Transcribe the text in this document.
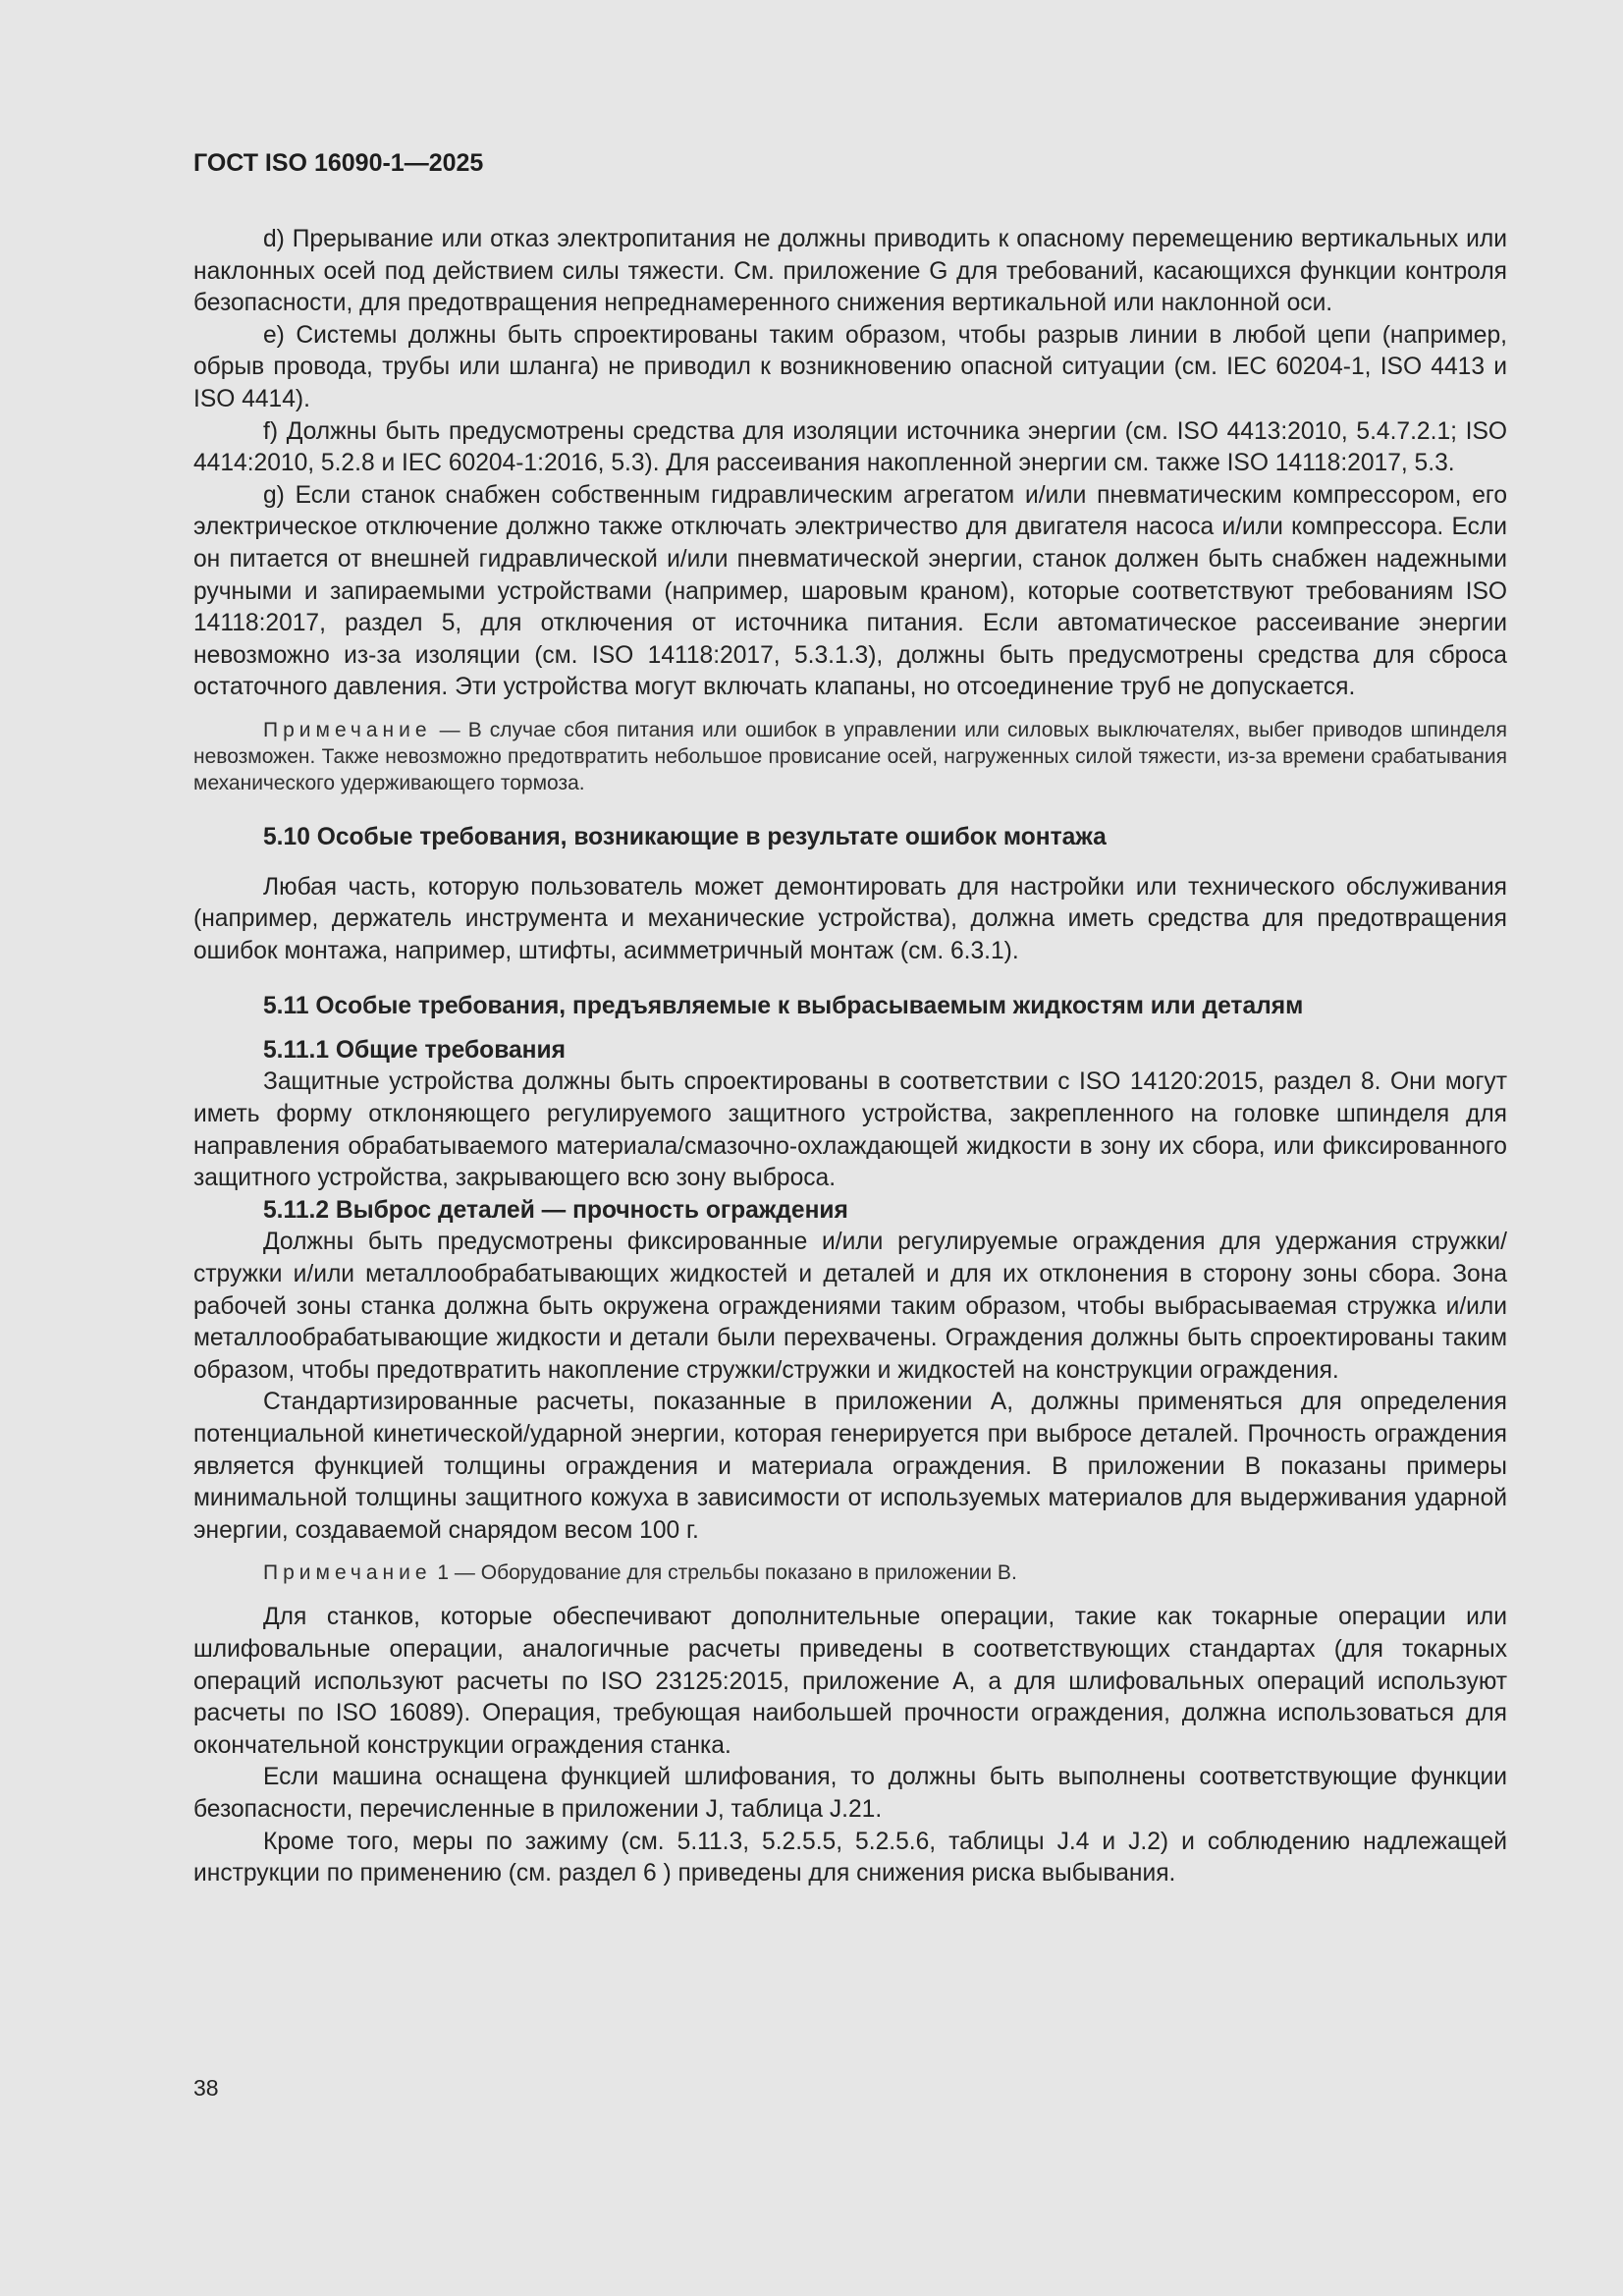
ГОСТ ISO 16090-1—2025

d) Прерывание или отказ электропитания не должны приводить к опасному перемещению вертикальных или наклонных осей под действием силы тяжести. См. приложение G для требований, касающихся функции контроля безопасности, для предотвращения непреднамеренного снижения вертикальной или наклонной оси.

e) Системы должны быть спроектированы таким образом, чтобы разрыв линии в любой цепи (например, обрыв провода, трубы или шланга) не приводил к возникновению опасной ситуации (см. IEC 60204-1, ISO 4413 и ISO 4414).

f) Должны быть предусмотрены средства для изоляции источника энергии (см. ISO 4413:2010, 5.4.7.2.1; ISO 4414:2010, 5.2.8 и IEC 60204-1:2016, 5.3). Для рассеивания накопленной энергии см. также ISO 14118:2017, 5.3.

g) Если станок снабжен собственным гидравлическим агрегатом и/или пневматическим компрессором, его электрическое отключение должно также отключать электричество для двигателя насоса и/или компрессора. Если он питается от внешней гидравлической и/или пневматической энергии, станок должен быть снабжен надежными ручными и запираемыми устройствами (например, шаровым краном), которые соответствуют требованиям ISO 14118:2017, раздел 5, для отключения от источника питания. Если автоматическое рассеивание энергии невозможно из-за изоляции (см. ISO 14118:2017, 5.3.1.3), должны быть предусмотрены средства для сброса остаточного давления. Эти устройства могут включать клапаны, но отсоединение труб не допускается.

Примечание — В случае сбоя питания или ошибок в управлении или силовых выключателях, выбег приводов шпинделя невозможен. Также невозможно предотвратить небольшое провисание осей, нагруженных силой тяжести, из-за времени срабатывания механического удерживающего тормоза.

5.10 Особые требования, возникающие в результате ошибок монтажа

Любая часть, которую пользователь может демонтировать для настройки или технического обслуживания (например, держатель инструмента и механические устройства), должна иметь средства для предотвращения ошибок монтажа, например, штифты, асимметричный монтаж (см. 6.3.1).

5.11 Особые требования, предъявляемые к выбрасываемым жидкостям или деталям

5.11.1 Общие требования

Защитные устройства должны быть спроектированы в соответствии с ISO 14120:2015, раздел 8. Они могут иметь форму отклоняющего регулируемого защитного устройства, закрепленного на головке шпинделя для направления обрабатываемого материала/смазочно-охлаждающей жидкости в зону их сбора, или фиксированного защитного устройства, закрывающего всю зону выброса.

5.11.2 Выброс деталей — прочность ограждения

Должны быть предусмотрены фиксированные и/или регулируемые ограждения для удержания стружки/стружки и/или металлообрабатывающих жидкостей и деталей и для их отклонения в сторону зоны сбора. Зона рабочей зоны станка должна быть окружена ограждениями таким образом, чтобы выбрасываемая стружка и/или металлообрабатывающие жидкости и детали были перехвачены. Ограждения должны быть спроектированы таким образом, чтобы предотвратить накопление стружки/стружки и жидкостей на конструкции ограждения.

Стандартизированные расчеты, показанные в приложении А, должны применяться для определения потенциальной кинетической/ударной энергии, которая генерируется при выбросе деталей. Прочность ограждения является функцией толщины ограждения и материала ограждения. В приложении В показаны примеры минимальной толщины защитного кожуха в зависимости от используемых материалов для выдерживания ударной энергии, создаваемой снарядом весом 100 г.

Примечание 1 — Оборудование для стрельбы показано в приложении В.

Для станков, которые обеспечивают дополнительные операции, такие как токарные операции или шлифовальные операции, аналогичные расчеты приведены в соответствующих стандартах (для токарных операций используют расчеты по ISO 23125:2015, приложение А, а для шлифовальных операций используют расчеты по ISO 16089). Операция, требующая наибольшей прочности ограждения, должна использоваться для окончательной конструкции ограждения станка.

Если машина оснащена функцией шлифования, то должны быть выполнены соответствующие функции безопасности, перечисленные в приложении J, таблица J.21.

Кроме того, меры по зажиму (см. 5.11.3, 5.2.5.5, 5.2.5.6, таблицы J.4 и J.2) и соблюдению надлежащей инструкции по применению (см. раздел 6 ) приведены для снижения риска выбывания.

38
